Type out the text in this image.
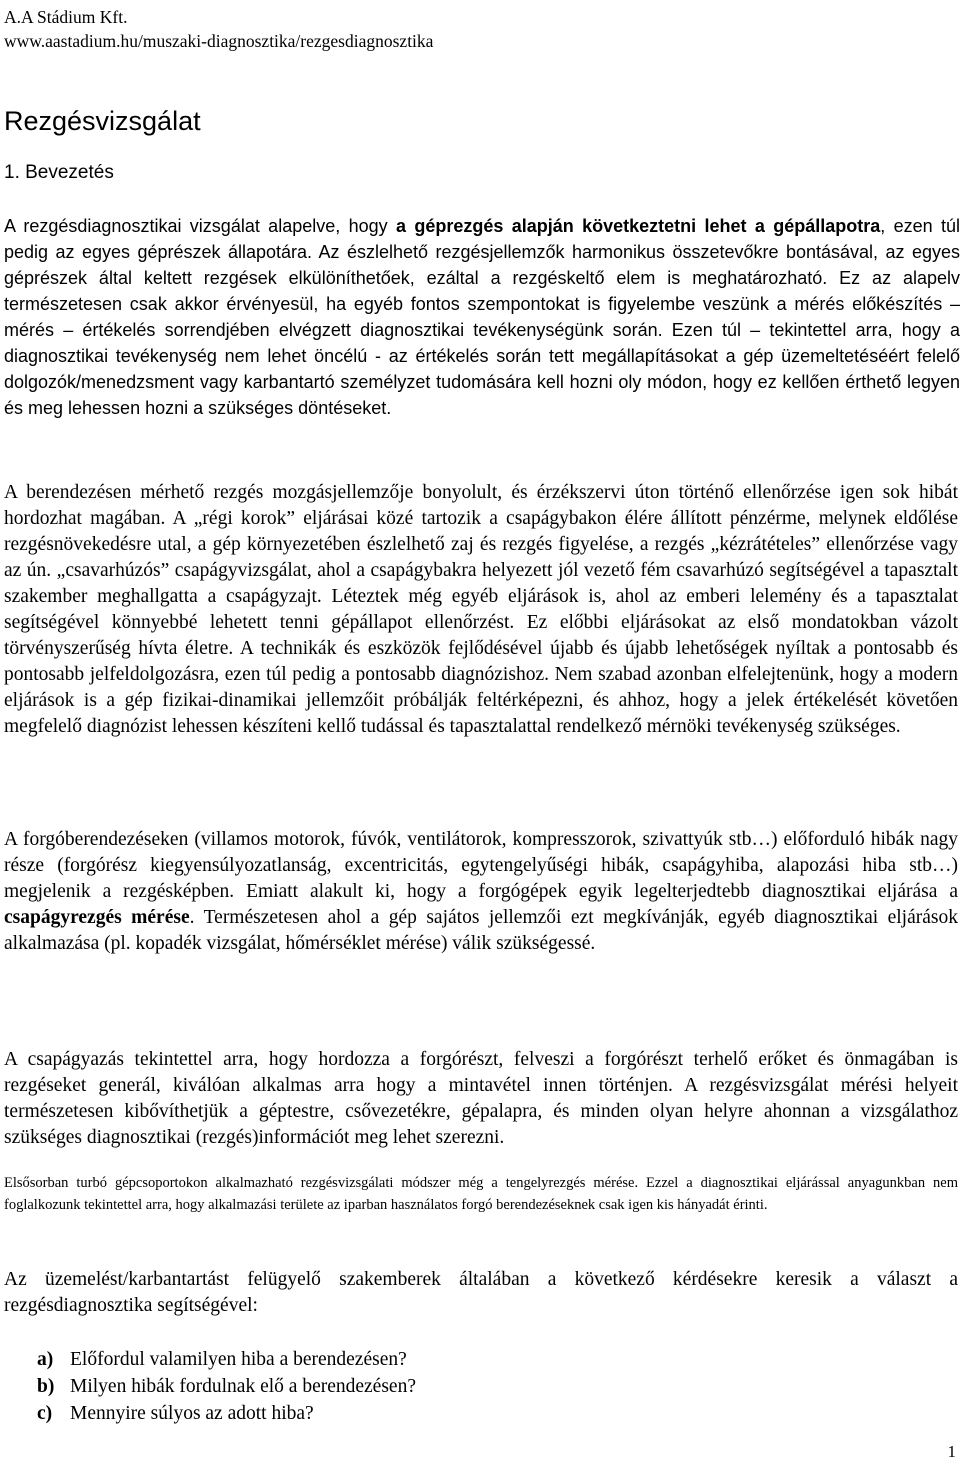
A.A Stádium Kft.
www.aastadium.hu/muszaki-diagnosztika/rezgesdiagnosztika
Rezgésvizsgálat
1. Bevezetés

A rezgésdiagnosztikai vizsgálat alapelve, hogy a géprezgés alapján következtetni lehet a gépállapotra, ezen túl pedig az egyes géprészek állapotára. Az észlelhető rezgésjellemzők harmonikus összetevőkre bontásával, az egyes géprészek által keltett rezgések elkülöníthetőek, ezáltal a rezgéskeltő elem is meghatározható. Ez az alapelv természetesen csak akkor érvényesül, ha egyéb fontos szempontokat is figyelembe veszünk a mérés előkészítés – mérés – értékelés sorrendjében elvégzett diagnosztikai tevékenységünk során. Ezen túl – tekintettel arra, hogy a diagnosztikai tevékenység nem lehet öncélú - az értékelés során tett megállapításokat a gép üzemeltetéséért felelő dolgozók/menedzsment vagy karbantartó személyzet tudomására kell hozni oly módon, hogy ez kellően érthető legyen és meg lehessen hozni a szükséges döntéseket.

A berendezésen mérhető rezgés mozgásjellemzője bonyolult, és érzékszervi úton történő ellenőrzése igen sok hibát hordozhat magában. A „régi korok” eljárásai közé tartozik a csapágybakon élére állított pénzérme, melynek eldőlése rezgésnövekedésre utal, a gép környezetében észlelhető zaj és rezgés figyelése, a rezgés „kézrátételes” ellenőrzése vagy az ún. „csavarhúzós” csapágyvizsgálat, ahol a csapágybakra helyezett jól vezető fém csavarhúzó segítségével a tapasztalt szakember meghallgatta a csapágyzajt. Léteztek még egyéb eljárások is, ahol az emberi lelemény és a tapasztalat segítségével könnyebbé lehetett tenni gépállapot ellenőrzést. Ez előbbi eljárásokat az első mondatokban vázolt törvényszerűség hívta életre. A technikák és eszközök fejlődésével újabb és újabb lehetőségek nyíltak a pontosabb és pontosabb jelfeldolgozásra, ezen túl pedig a pontosabb diagnózishoz. Nem szabad azonban elfelejtenünk, hogy a modern eljárások is a gép fizikai-dinamikai jellemzőit próbálják feltérképezni, és ahhoz, hogy a jelek értékelését követően megfelelő diagnózist lehessen készíteni kellő tudással és tapasztalattal rendelkező mérnöki tevékenység szükséges.

A forgóberendezéseken (villamos motorok, fúvók, ventilátorok, kompresszorok, szivattyúk stb…) előforduló hibák nagy része (forgórész kiegyensúlyozatlanság, excentricitás, egytengelyűségi hibák, csapágyhiba, alapozási hiba stb…) megjelenik a rezgésképben. Emiatt alakult ki, hogy a forgógépek egyik legelterjedtebb diagnosztikai eljárása a csapágyrezgés mérése. Természetesen ahol a gép sajátos jellemzői ezt megkívánják, egyéb diagnosztikai eljárások alkalmazása (pl. kopadék vizsgálat, hőmérséklet mérése) válik szükségessé.

A csapágyazás tekintettel arra, hogy hordozza a forgórészt, felveszi a forgórészt terhelő erőket és önmagában is rezgéseket generál, kiválóan alkalmas arra hogy a mintavétel innen történjen. A rezgésvizsgálat mérési helyeit természetesen kibővíthetjük a géptestre, csővezetékre, gépalapra, és minden olyan helyre ahonnan a vizsgálathoz szükséges diagnosztikai (rezgés)információt meg lehet szerezni.

Elsősorban turbó gépcsoportokon alkalmazható rezgésvizsgálati módszer még a tengelyrezgés mérése. Ezzel a diagnosztikai eljárással anyagunkban nem foglalkozunk tekintettel arra, hogy alkalmazási területe az iparban használatos forgó berendezéseknek csak igen kis hányadát érinti.

Az üzemelést/karbantartást felügyelő szakemberek általában a következő kérdésekre keresik a választ a rezgésdiagnosztika segítségével:

a) Előfordul valamilyen hiba a berendezésen?
b) Milyen hibák fordulnak elő a berendezésen?
c) Mennyire súlyos az adott hiba?
1
